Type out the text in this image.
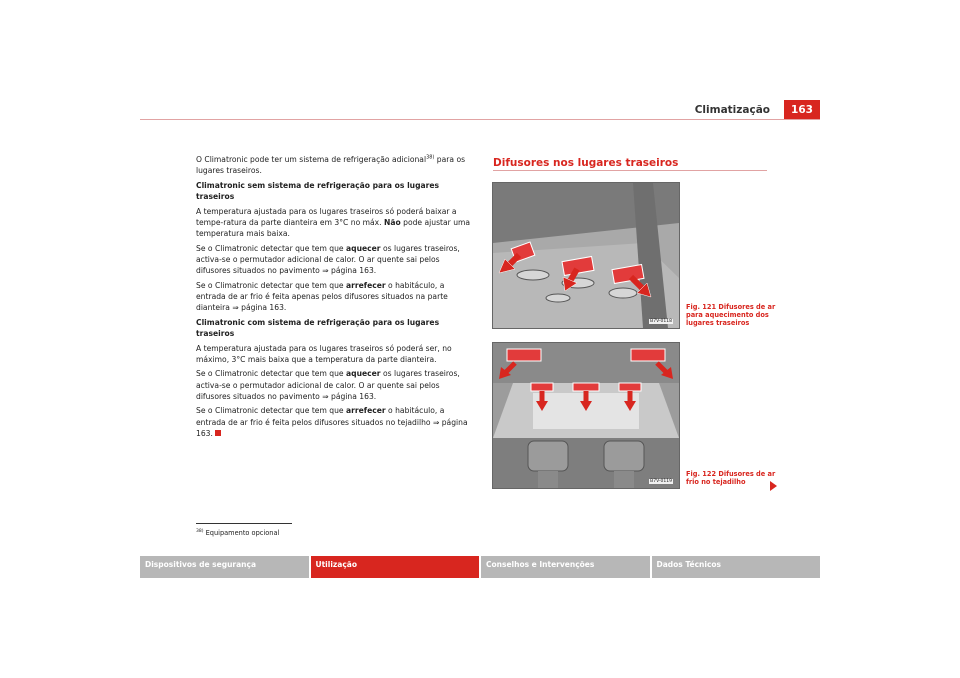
Climatização	163

O Climatronic pode ter um sistema de refrigeração adicional$^{38)}$ para os lugares traseiros.

Climatronic sem sistema de refrigeração para os lugares traseiros

A temperatura ajustada para os lugares traseiros só poderá baixar a tempe-ratura da parte dianteira em 3°C no máx. Não pode ajustar uma temperatura mais baixa.

Se o Climatronic detectar que tem que aquecer os lugares traseiros, activa-se o permutador adicional de calor. O ar quente sai pelos difusores situados no pavimento ⇒ página 163.

Se o Climatronic detectar que tem que arrefecer o habitáculo, a entrada de ar frio é feita apenas pelos difusores situados na parte dianteira ⇒ página 163.

Climatronic com sistema de refrigeração para os lugares traseiros

A temperatura ajustada para os lugares traseiros só poderá ser, no máximo, 3°C mais baixa que a temperatura da parte dianteira.

Se o Climatronic detectar que tem que aquecer os lugares traseiros, activa-se o permutador adicional de calor. O ar quente sai pelos difusores situados no pavimento ⇒ página 163.

Se o Climatronic detectar que tem que arrefecer o habitáculo, a entrada de ar frio é feita pelos difusores situados no tejadilho ⇒ página 163.

Difusores nos lugares traseiros
B7V-0118
Fig. 121 Difusores de ar para aquecimento dos lugares traseiros
B7V-0119
Fig. 122 Difusores de ar frio no tejadilho
$^{38)}$ Equipamento opcional
Dispositivos de segurança	Utilização	Conselhos e Intervenções	Dados Técnicos
